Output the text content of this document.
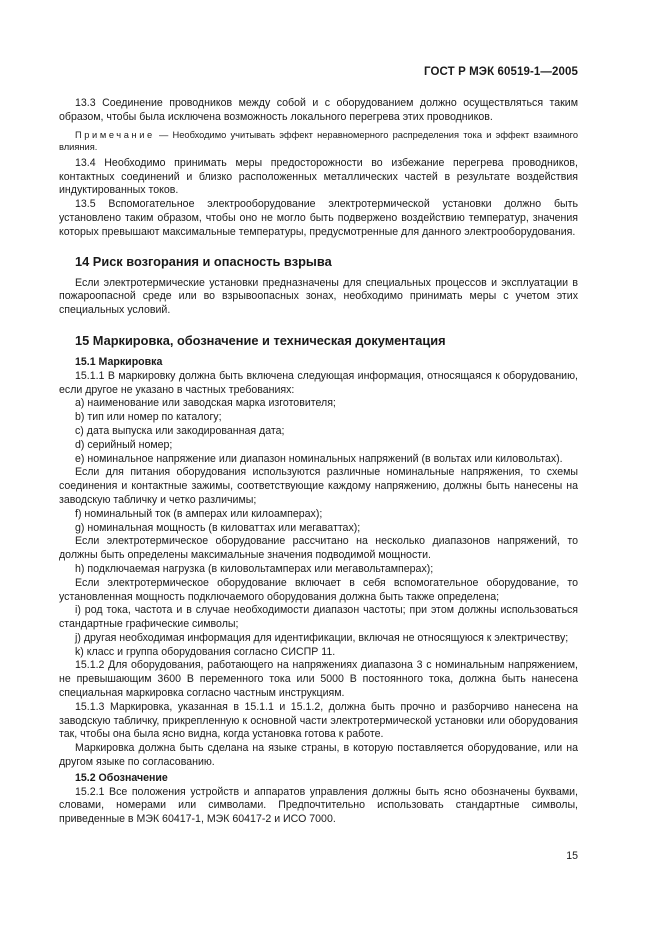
ГОСТ Р МЭК 60519-1—2005

13.3 Соединение проводников между собой и с оборудованием должно осуществляться таким образом, чтобы была исключена возможность локального перегрева этих проводников.

Примечание — Необходимо учитывать эффект неравномерного распределения тока и эффект взаимного влияния.

13.4 Необходимо принимать меры предосторожности во избежание перегрева проводников, контактных соединений и близко расположенных металлических частей в результате воздействия индуктированных токов.

13.5 Вспомогательное электрооборудование электротермической установки должно быть установлено таким образом, чтобы оно не могло быть подвержено воздействию температур, значения которых превышают максимальные температуры, предусмотренные для данного электрооборудования.

14 Риск возгорания и опасность взрыва

Если электротермические установки предназначены для специальных процессов и эксплуатации в пожароопасной среде или во взрывоопасных зонах, необходимо принимать меры с учетом этих специальных условий.

15 Маркировка, обозначение и техническая документация
15.1 Маркировка

15.1.1 В маркировку должна быть включена следующая информация, относящаяся к оборудованию, если другое не указано в частных требованиях:

a) наименование или заводская марка изготовителя;

b) тип или номер по каталогу;

c) дата выпуска или закодированная дата;

d) серийный номер;

e) номинальное напряжение или диапазон номинальных напряжений (в вольтах или киловольтах).

Если для питания оборудования используются различные номинальные напряжения, то схемы соединения и контактные зажимы, соответствующие каждому напряжению, должны быть нанесены на заводскую табличку и четко различимы;

f) номинальный ток (в амперах или килоамперах);

g) номинальная мощность (в киловаттах или мегаваттах);

Если электротермическое оборудование рассчитано на несколько диапазонов напряжений, то должны быть определены максимальные значения подводимой мощности.

h) подключаемая нагрузка (в киловольтамперах или мегавольтамперах);

Если электротермическое оборудование включает в себя вспомогательное оборудование, то установленная мощность подключаемого оборудования должна быть также определена;

i) род тока, частота и в случае необходимости диапазон частоты; при этом должны использоваться стандартные графические символы;

j) другая необходимая информация для идентификации, включая не относящуюся к электричеству;

k) класс и группа оборудования согласно СИСПР 11.

15.1.2 Для оборудования, работающего на напряжениях диапазона 3 с номинальным напряжением, не превышающим 3600 В переменного тока или 5000 В постоянного тока, должна быть нанесена специальная маркировка согласно частным инструкциям.

15.1.3 Маркировка, указанная в 15.1.1 и 15.1.2, должна быть прочно и разборчиво нанесена на заводскую табличку, прикрепленную к основной части электротермической установки или оборудования так, чтобы она была ясно видна, когда установка готова к работе.

Маркировка должна быть сделана на языке страны, в которую поставляется оборудование, или на другом языке по согласованию.

15.2 Обозначение

15.2.1 Все положения устройств и аппаратов управления должны быть ясно обозначены буквами, словами, номерами или символами. Предпочтительно использовать стандартные символы, приведенные в МЭК 60417-1, МЭК 60417-2 и ИСО 7000.

15
